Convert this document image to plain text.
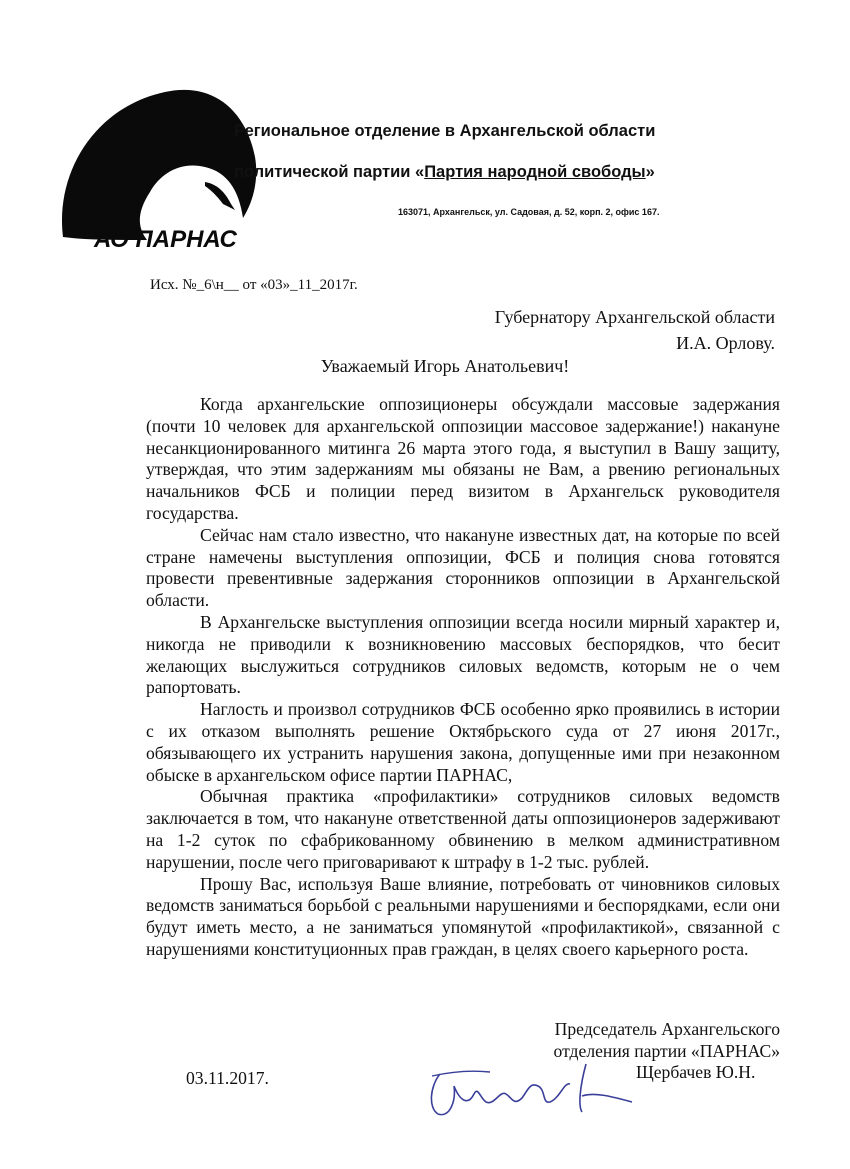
АО ПАРНАС
Региональное отделение в Архангельской области
политической партии «Партия народной свободы»
163071, Архангельск, ул. Садовая, д. 52, корп. 2, офис 167.
Исх. №_6\н__ от «03»_11_2017г.
Губернатору Архангельской области
И.А. Орлову.
Уважаемый Игорь Анатольевич!

Когда архангельские оппозиционеры обсуждали массовые задержания (почти 10 человек для архангельской оппозиции массовое задержание!) накануне несанкционированного митинга 26 марта этого года, я выступил в Вашу защиту, утверждая, что этим задержаниям мы обязаны не Вам, а рвению региональных начальников ФСБ и полиции перед визитом в Архангельск руководителя государства.

Сейчас нам стало известно, что накануне известных дат, на которые по всей стране намечены выступления оппозиции, ФСБ и полиция снова готовятся провести превентивные задержания сторонников оппозиции в Архангельской области.

В Архангельске выступления оппозиции всегда носили мирный характер и, никогда не приводили к возникновению массовых беспорядков, что бесит желающих выслужиться сотрудников силовых ведомств, которым не о чем рапортовать.

Наглость и произвол сотрудников ФСБ особенно ярко проявились в истории с их отказом выполнять решение Октябрьского суда от 27 июня 2017г., обязывающего их устранить нарушения закона, допущенные ими при незаконном обыске в архангельском офисе партии ПАРНАС,

Обычная практика «профилактики» сотрудников силовых ведомств заключается в том, что накануне ответственной даты оппозиционеров задерживают на 1-2 суток по сфабрикованному обвинению в мелком административном нарушении, после чего приговаривают к штрафу в 1-2 тыс. рублей.

Прошу Вас, используя Ваше влияние, потребовать от чиновников силовых ведомств заниматься борьбой с реальными нарушениями и беспорядками, если они будут иметь место, а не заниматься упомянутой «профилактикой», связанной с нарушениями конституционных прав граждан, в целях своего карьерного роста.

Председатель Архангельского
отделения партии «ПАРНАС»
Щербачев Ю.Н.
03.11.2017.
